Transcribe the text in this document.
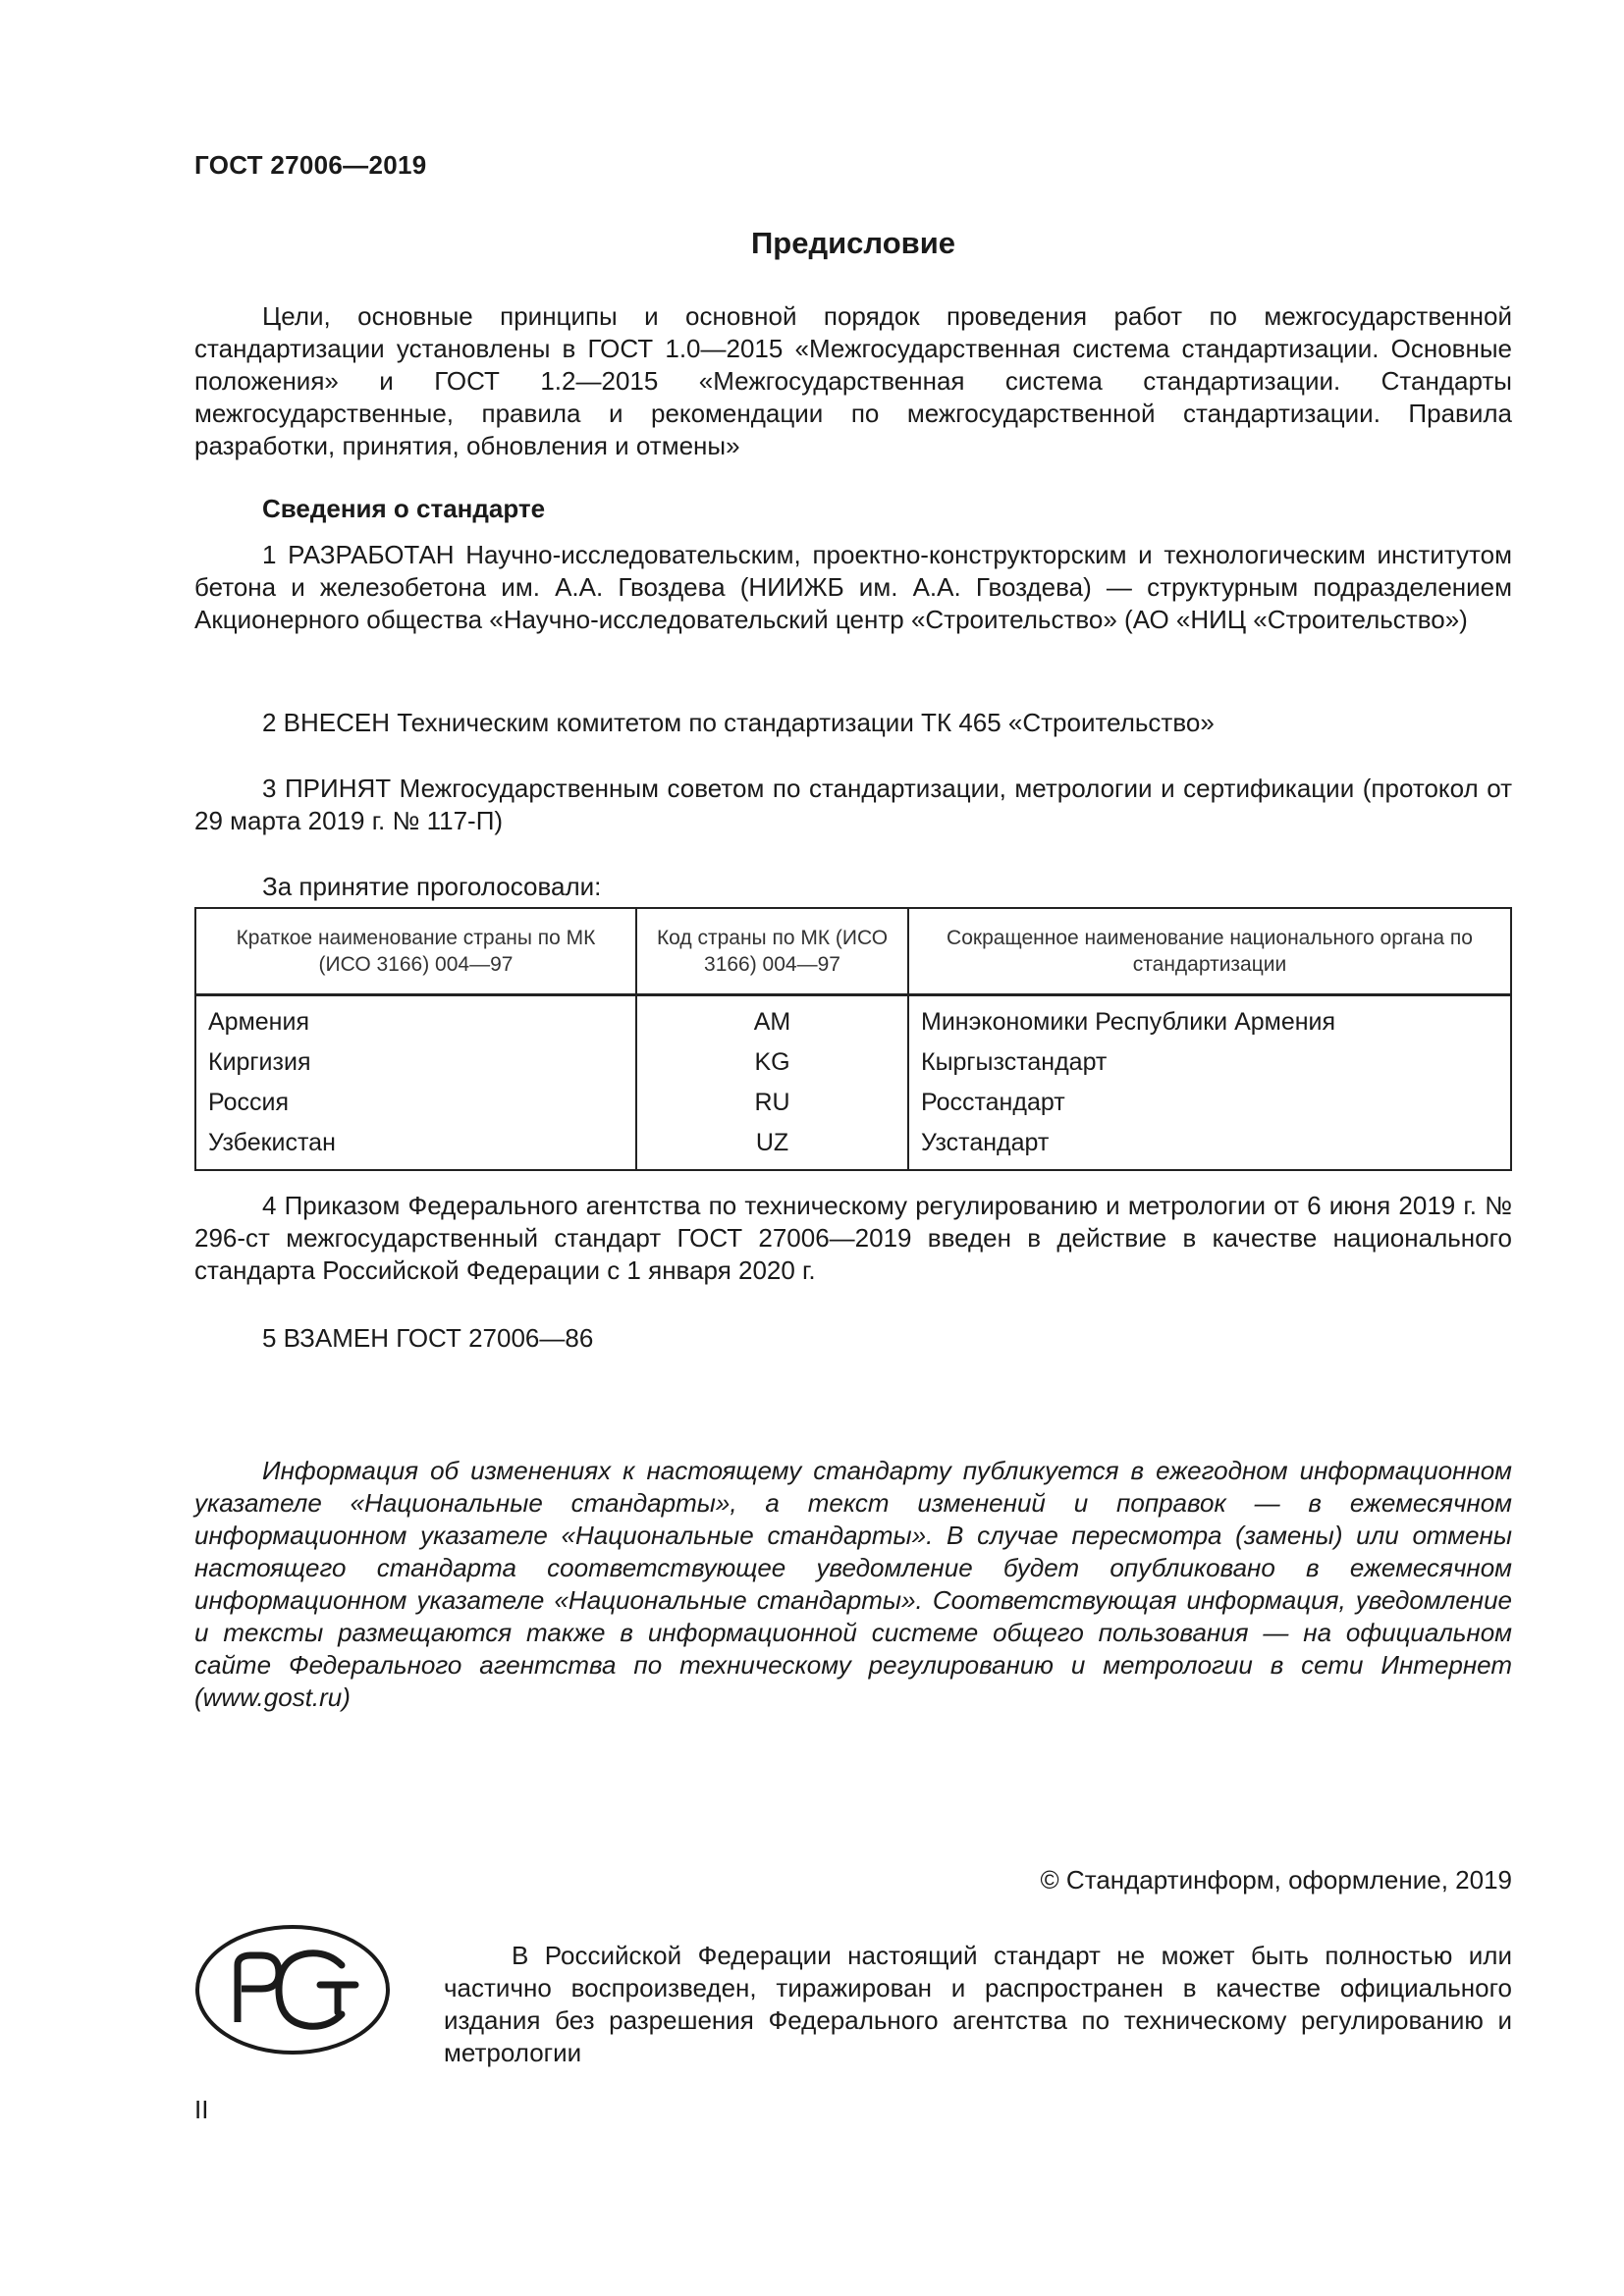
ГОСТ 27006—2019
Предисловие

Цели, основные принципы и основной порядок проведения работ по межгосударственной стандартизации установлены в ГОСТ 1.0—2015 «Межгосударственная система стандартизации. Основные положения» и ГОСТ 1.2—2015 «Межгосударственная система стандартизации. Стандарты межгосударственные, правила и рекомендации по межгосударственной стандартизации. Правила разработки, принятия, обновления и отмены»

Сведения о стандарте

1 РАЗРАБОТАН Научно-исследовательским, проектно-конструкторским и технологическим институтом бетона и железобетона им. А.А. Гвоздева (НИИЖБ им. А.А. Гвоздева) — структурным подразделением Акционерного общества «Научно-исследовательский центр «Строительство» (АО «НИЦ «Строительство»)

2 ВНЕСЕН Техническим комитетом по стандартизации ТК 465 «Строительство»

3 ПРИНЯТ Межгосударственным советом по стандартизации, метрологии и сертификации (протокол от 29 марта 2019 г. № 117-П)

За принятие проголосовали:
Краткое наименование страны по МК (ИСО 3166) 004—97	Код страны по МК (ИСО 3166) 004—97	Сокращенное наименование национального органа по стандартизации
Армения	AM	Минэкономики Республики Армения
Киргизия	KG	Кыргызстандарт
Россия	RU	Росстандарт
Узбекистан	UZ	Узстандарт

4 Приказом Федерального агентства по техническому регулированию и метрологии от 6 июня 2019 г. № 296-ст межгосударственный стандарт ГОСТ 27006—2019 введен в действие в качестве национального стандарта Российской Федерации с 1 января 2020 г.

5 ВЗАМЕН ГОСТ 27006—86

Информация об изменениях к настоящему стандарту публикуется в ежегодном информационном указателе «Национальные стандарты», а текст изменений и поправок — в ежемесячном информационном указателе «Национальные стандарты». В случае пересмотра (замены) или отмены настоящего стандарта соответствующее уведомление будет опубликовано в ежемесячном информационном указателе «Национальные стандарты». Соответствующая информация, уведомление и тексты размещаются также в информационной системе общего пользования — на официальном сайте Федерального агентства по техническому регулированию и метрологии в сети Интернет (www.gost.ru)

© Стандартинформ, оформление, 2019

В Российской Федерации настоящий стандарт не может быть полностью или частично воспроизведен, тиражирован и распространен в качестве официального издания без разрешения Федерального агентства по техническому регулированию и метрологии

II
